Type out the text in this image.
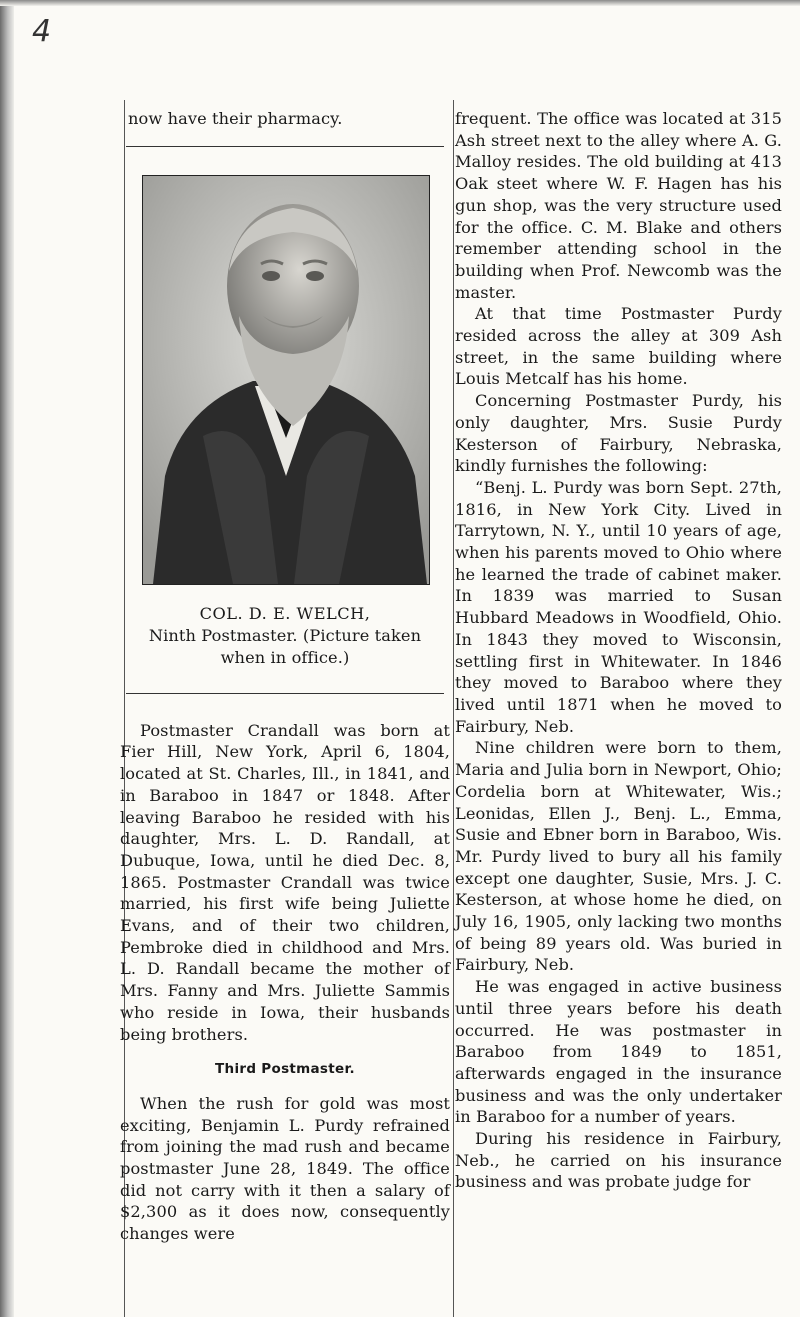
4

now have their pharmacy.

COL. D. E. WELCH,
Ninth Postmaster. (Picture taken
when in office.)

Postmaster Crandall was born at Fier Hill, New York, April 6, 1804, located at St. Charles, Ill., in 1841, and in Baraboo in 1847 or 1848. After leaving Baraboo he resided with his daughter, Mrs. L. D. Randall, at Dubuque, Iowa, until he died Dec. 8, 1865. Postmaster Crandall was twice married, his first wife being Juliette Evans, and of their two children, Pembroke died in childhood and Mrs. L. D. Randall became the mother of Mrs. Fanny and Mrs. Juliette Sammis who reside in Iowa, their husbands being brothers.

Third Postmaster.

When the rush for gold was most exciting, Benjamin L. Purdy refrained from joining the mad rush and became postmaster June 28, 1849. The office did not carry with it then a salary of $2,300 as it does now, consequently changes were

frequent. The office was located at 315 Ash street next to the alley where A. G. Malloy resides. The old building at 413 Oak steet where W. F. Hagen has his gun shop, was the very structure used for the office. C. M. Blake and others remember attending school in the building when Prof. Newcomb was the master.

At that time Postmaster Purdy resided across the alley at 309 Ash street, in the same building where Louis Metcalf has his home.

Concerning Postmaster Purdy, his only daughter, Mrs. Susie Purdy Kesterson of Fairbury, Nebraska, kindly furnishes the following:

“Benj. L. Purdy was born Sept. 27th, 1816, in New York City. Lived in Tarrytown, N. Y., until 10 years of age, when his parents moved to Ohio where he learned the trade of cabinet maker. In 1839 was married to Susan Hubbard Meadows in Woodfield, Ohio. In 1843 they moved to Wisconsin, settling first in Whitewater. In 1846 they moved to Baraboo where they lived until 1871 when he moved to Fairbury, Neb.

Nine children were born to them, Maria and Julia born in Newport, Ohio; Cordelia born at Whitewater, Wis.; Leonidas, Ellen J., Benj. L., Emma, Susie and Ebner born in Baraboo, Wis. Mr. Purdy lived to bury all his family except one daughter, Susie, Mrs. J. C. Kesterson, at whose home he died, on July 16, 1905, only lacking two months of being 89 years old. Was buried in Fairbury, Neb.

He was engaged in active business until three years before his death occurred. He was postmaster in Baraboo from 1849 to 1851, afterwards engaged in the insurance business and was the only undertaker in Baraboo for a number of years.

During his residence in Fairbury, Neb., he carried on his insurance business and was probate judge for
